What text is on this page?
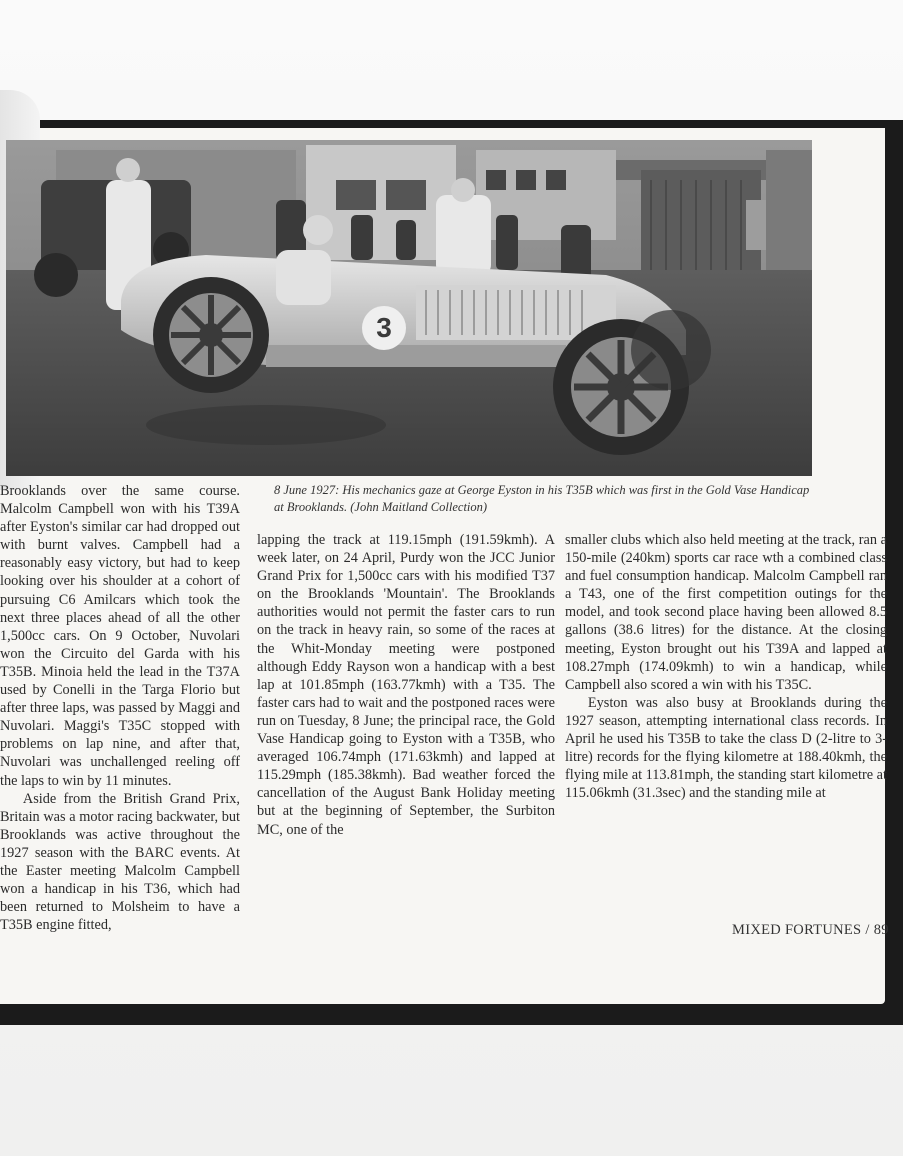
3
8 June 1927: His mechanics gaze at George Eyston in his T35B which was first in the Gold Vase Handicap at Brooklands. (John Maitland Collection)

Brooklands over the same course. Malcolm Campbell won with his T39A after Eyston's similar car had dropped out with burnt valves. Campbell had a reasonably easy victory, but had to keep looking over his shoulder at a cohort of pursuing C6 Amilcars which took the next three places ahead of all the other 1,500cc cars. On 9 October, Nuvolari won the Circuito del Garda with his T35B. Minoia held the lead in the T37A used by Conelli in the Targa Florio but after three laps, was passed by Maggi and Nuvolari. Maggi's T35C stopped with problems on lap nine, and after that, Nuvolari was unchallenged reeling off the laps to win by 11 minutes.

Aside from the British Grand Prix, Britain was a motor racing backwater, but Brooklands was active throughout the 1927 season with the BARC events. At the Easter meeting Malcolm Campbell won a handicap in his T36, which had been returned to Molsheim to have a T35B engine fitted,

lapping the track at 119.15mph (191.59kmh). A week later, on 24 April, Purdy won the JCC Junior Grand Prix for 1,500cc cars with his modified T37 on the Brooklands 'Mountain'. The Brooklands authorities would not permit the faster cars to run on the track in heavy rain, so some of the races at the Whit-Monday meeting were postponed although Eddy Rayson won a handicap with a best lap at 101.85mph (163.77kmh) with a T35. The faster cars had to wait and the postponed races were run on Tuesday, 8 June; the principal race, the Gold Vase Handicap going to Eyston with a T35B, who averaged 106.74mph (171.63kmh) and lapped at 115.29mph (185.38kmh). Bad weather forced the cancellation of the August Bank Holiday meeting but at the beginning of September, the Surbiton MC, one of the

smaller clubs which also held meeting at the track, ran a 150-mile (240km) sports car race wth a combined class and fuel consumption handicap. Malcolm Campbell ran a T43, one of the first competition outings for the model, and took second place having been allowed 8.5 gallons (38.6 litres) for the distance. At the closing meeting, Eyston brought out his T39A and lapped at 108.27mph (174.09kmh) to win a handicap, while Campbell also scored a win with his T35C.

Eyston was also busy at Brooklands during the 1927 season, attempting international class records. In April he used his T35B to take the class D (2-litre to 3-litre) records for the flying kilometre at 188.40kmh, the flying mile at 113.81mph, the standing start kilometre at 115.06kmh (31.3sec) and the standing mile at

MIXED FORTUNES / 89
